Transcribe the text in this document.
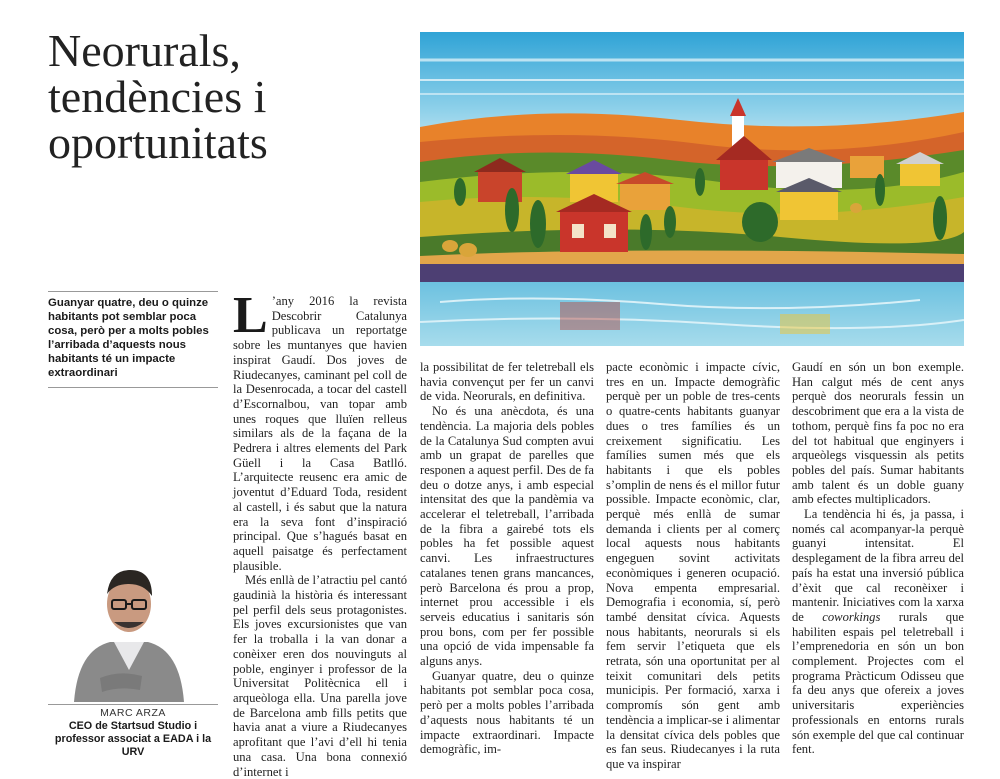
Neorurals, tendències i oportunitats

Guanyar quatre, deu o quinze habitants pot semblar poca cosa, però per a molts pobles l’arribada d’aquests nous habitants té un impacte extraordinari

L ’any 2016 la revista Descobrir Catalunya publicava un reportatge sobre les muntanyes que havien inspirat Gaudí. Dos joves de Riudecanyes, caminant pel coll de la Desenrocada, a tocar del castell d’Escornalbou, van topar amb unes roques que lluïen relleus similars als de la façana de la Pedrera i altres elements del Park Güell i la Casa Batlló. L’arquitecte reusenc era amic de joventut d’Eduard Toda, resident al castell, i és sabut que la natura era la seva font d’inspiració principal. Que s’hagués basat en aquell paisatge és perfectament plausible.

Més enllà de l’atractiu pel cantó gaudinià la història és interessant pel perfil dels seus protagonistes. Els joves excursionistes que van fer la troballa i la van donar a conèixer eren dos nouvinguts al poble, enginyer i professor de la Universitat Politècnica ell i arqueòloga ella. Una parella jove de Barcelona amb fills petits que havia anat a viure a Riudecanyes aprofitant que l’avi d’ell hi tenia una casa. Una bona connexió d’internet i

la possibilitat de fer teletreball els havia convençut per fer un canvi de vida. Neorurals, en definitiva.

No és una anècdota, és una tendència. La majoria dels pobles de la Catalunya Sud compten avui amb un grapat de parelles que responen a aquest perfil. Des de fa deu o dotze anys, i amb especial intensitat des que la pandèmia va accelerar el teletreball, l’arribada de la fibra a gairebé tots els pobles ha fet possible aquest canvi. Les infraestructures catalanes tenen grans mancances, però Barcelona és prou a prop, internet prou accessible i els serveis educatius i sanitaris són prou bons, com per fer possible una opció de vida impensable fa alguns anys.

Guanyar quatre, deu o quinze habitants pot semblar poca cosa, però per a molts pobles l’arribada d’aquests nous habitants té un impacte extraordinari. Impacte demogràfic, im-

pacte econòmic i impacte cívic, tres en un. Impacte demogràfic perquè per un poble de tres-cents o quatre-cents habitants guanyar dues o tres famílies és un creixement significatiu. Les famílies sumen més que els habitants i que els pobles s’omplin de nens és el millor futur possible. Impacte econòmic, clar, perquè més enllà de sumar demanda i clients per al comerç local aquests nous habitants engeguen sovint activitats econòmiques i generen ocupació. Nova empenta empresarial. Demografia i economia, sí, però també densitat cívica. Aquests nous habitants, neorurals si els fem servir l’etiqueta que els retrata, són una oportunitat per al teixit comunitari dels petits municipis. Per formació, xarxa i compromís són gent amb tendència a implicar-se i alimentar la densitat cívica dels pobles que es fan seus. Riudecanyes i la ruta que va inspirar

Gaudí en són un bon exemple. Han calgut més de cent anys perquè dos neorurals fessin un descobriment que era a la vista de tothom, perquè fins fa poc no era del tot habitual que enginyers i arqueòlegs visquessin als petits pobles del país. Sumar habitants amb talent és un doble guany amb efectes multiplicadors.

La tendència hi és, ja passa, i només cal acompanyar-la perquè guanyi intensitat. El desplegament de la fibra arreu del país ha estat una inversió pública d’èxit que cal reconèixer i mantenir. Iniciatives com la xarxa de coworkings rurals que habiliten espais pel teletreball i l’emprenedoria en són un bon complement. Projectes com el programa Pràcticum Odisseu que fa deu anys que ofereix a joves universitaris experiències professionals en entorns rurals són exemple del que cal continuar fent.

MARC ARZA
CEO de Startsud Studio i professor associat a EADA i la URV
